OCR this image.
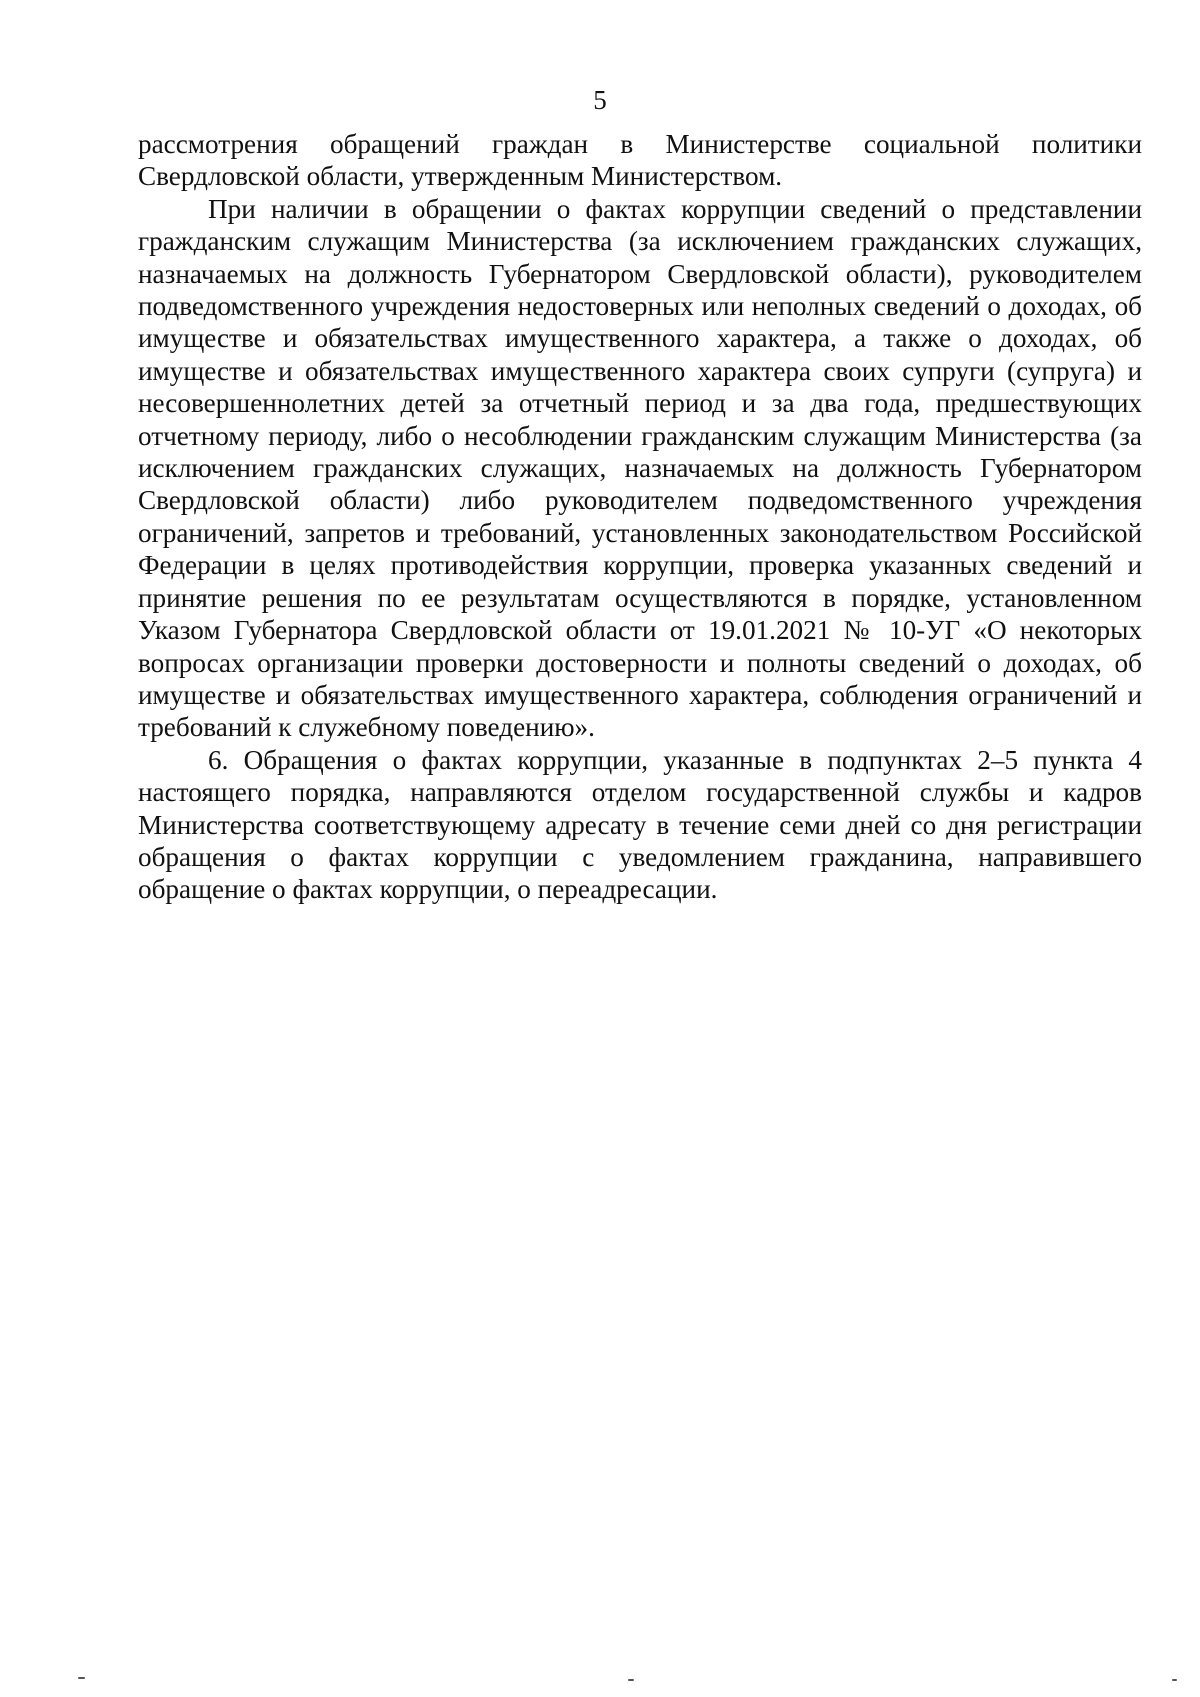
5

рассмотрения обращений граждан в Министерстве социальной политики Свердловской области, утвержденным Министерством.

При наличии в обращении о фактах коррупции сведений о представлении гражданским служащим Министерства (за исключением гражданских служащих, назначаемых на должность Губернатором Свердловской области), руководителем подведомственного учреждения недостоверных или неполных сведений о доходах, об имуществе и обязательствах имущественного характера, а также о доходах, об имуществе и обязательствах имущественного характера своих супруги (супруга) и несовершеннолетних детей за отчетный период и за два года, предшествующих отчетному периоду, либо о несоблюдении гражданским служащим Министерства (за исключением гражданских служащих, назначаемых на должность Губернатором Свердловской области) либо руководителем подведомственного учреждения ограничений, запретов и требований, установленных законодательством Российской Федерации в целях противодействия коррупции, проверка указанных сведений и принятие решения по ее результатам осуществляются в порядке, установленном Указом Губернатора Свердловской области от 19.01.2021 № 10-УГ «О некоторых вопросах организации проверки достоверности и полноты сведений о доходах, об имуществе и обязательствах имущественного характера, соблюдения ограничений и требований к служебному поведению».

6. Обращения о фактах коррупции, указанные в подпунктах 2–5 пункта 4 настоящего порядка, направляются отделом государственной службы и кадров Министерства соответствующему адресату в течение семи дней со дня регистрации обращения о фактах коррупции с уведомлением гражданина, направившего обращение о фактах коррупции, о переадресации.
